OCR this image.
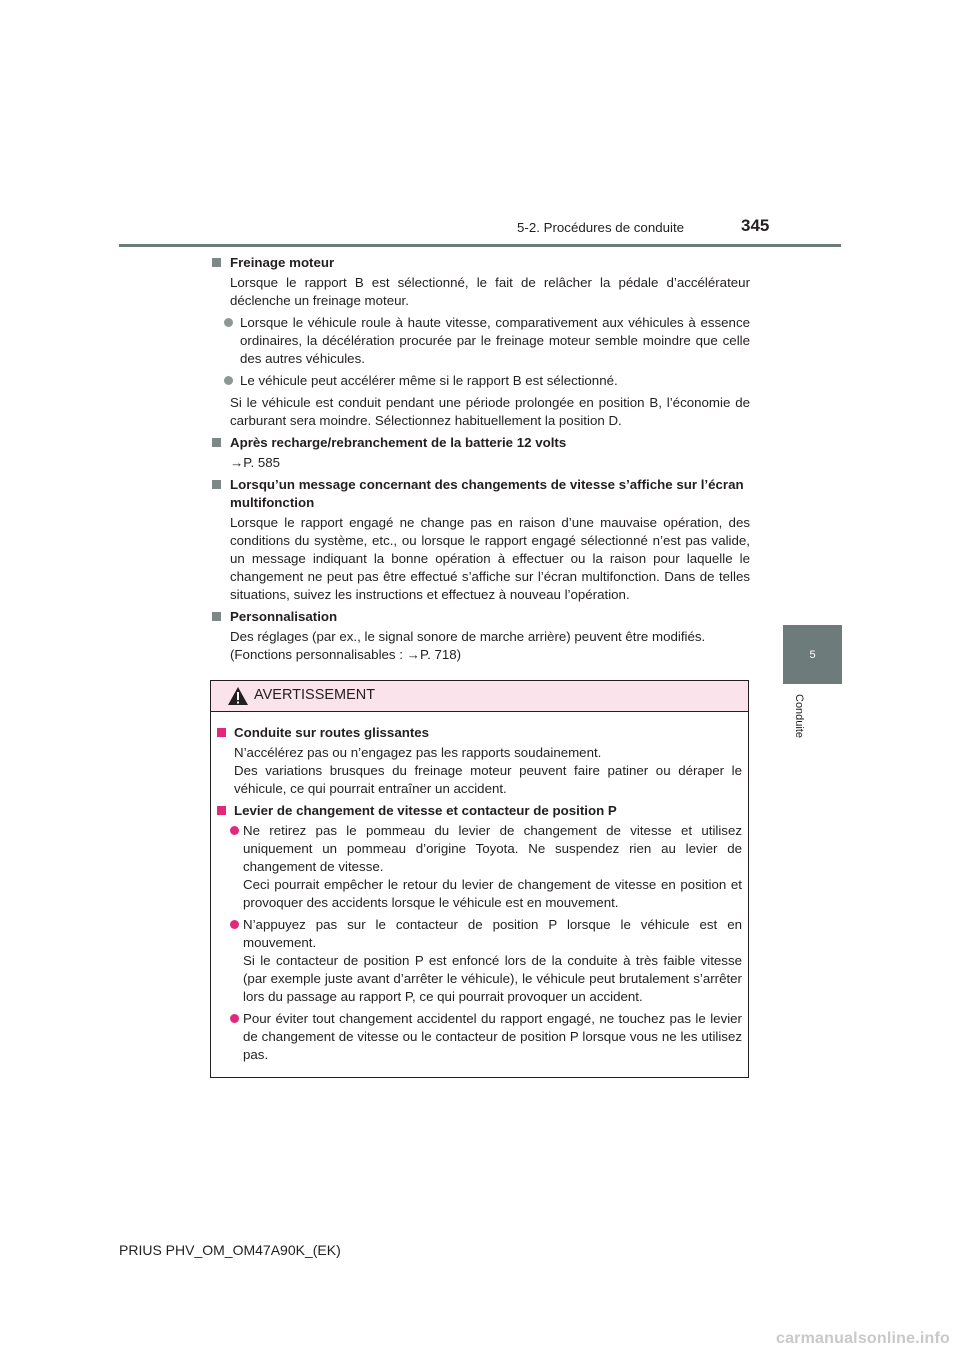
5-2. Procédures de conduite	345
5
Conduite
Freinage moteur
Lorsque le rapport B est sélectionné, le fait de relâcher la pédale d’accélérateur déclenche un freinage moteur.
Lorsque le véhicule roule à haute vitesse, comparativement aux véhicules à essence ordinaires, la décélération procurée par le freinage moteur semble moindre que celle des autres véhicules.
Le véhicule peut accélérer même si le rapport B est sélectionné.
Si le véhicule est conduit pendant une période prolongée en position B, l’économie de carburant sera moindre. Sélectionnez habituellement la position D.
Après recharge/rebranchement de la batterie 12 volts
→P. 585
Lorsqu’un message concernant des changements de vitesse s’affiche sur l’écran multifonction
Lorsque le rapport engagé ne change pas en raison d’une mauvaise opération, des conditions du système, etc., ou lorsque le rapport engagé sélectionné n’est pas valide, un message indiquant la bonne opération à effectuer ou la raison pour laquelle le changement ne peut pas être effectué s’affiche sur l’écran multifonction. Dans de telles situations, suivez les instructions et effectuez à nouveau l’opération.
Personnalisation
Des réglages (par ex., le signal sonore de marche arrière) peuvent être modifiés.
(Fonctions personnalisables : →P. 718)
AVERTISSEMENT
Conduite sur routes glissantes
N’accélérez pas ou n’engagez pas les rapports soudainement.
Des variations brusques du freinage moteur peuvent faire patiner ou déraper le véhicule, ce qui pourrait entraîner un accident.
Levier de changement de vitesse et contacteur de position P
Ne retirez pas le pommeau du levier de changement de vitesse et utilisez uniquement un pommeau d’origine Toyota. Ne suspendez rien au levier de changement de vitesse.
Ceci pourrait empêcher le retour du levier de changement de vitesse en position et provoquer des accidents lorsque le véhicule est en mouvement.
N’appuyez pas sur le contacteur de position P lorsque le véhicule est en mouvement.
Si le contacteur de position P est enfoncé lors de la conduite à très faible vitesse (par exemple juste avant d’arrêter le véhicule), le véhicule peut brutalement s’arrêter lors du passage au rapport P, ce qui pourrait provoquer un accident.
Pour éviter tout changement accidentel du rapport engagé, ne touchez pas le levier de changement de vitesse ou le contacteur de position P lorsque vous ne les utilisez pas.
PRIUS PHV_OM_OM47A90K_(EK)
carmanualsonline.info
